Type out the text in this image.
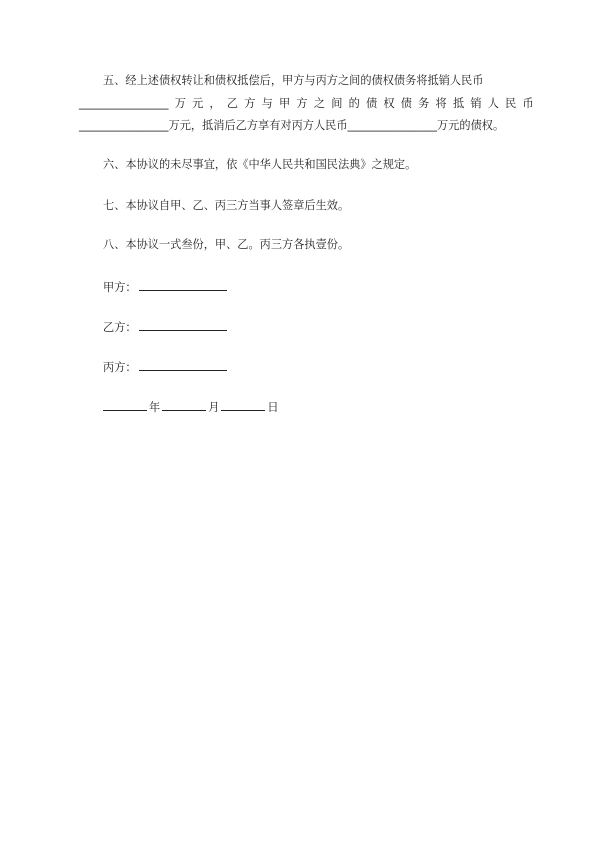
五、经上述债权转让和债权抵偿后，甲方与丙方之间的债权债务将抵销人民币
________________ 万 元 ， 乙 方 与 甲 方 之 间 的 债 权 债 务 将 抵 销 人 民 币
________________万元，抵消后乙方享有对丙方人民币________________万元的债权。
六、本协议的未尽事宜，依《中华人民共和国民法典》之规定。
七、本协议自甲、乙、丙三方当事人签章后生效。
八、本协议一式叁份，甲、乙。丙三方各执壹份。
甲方：
乙方：
丙方：
年	月	日
